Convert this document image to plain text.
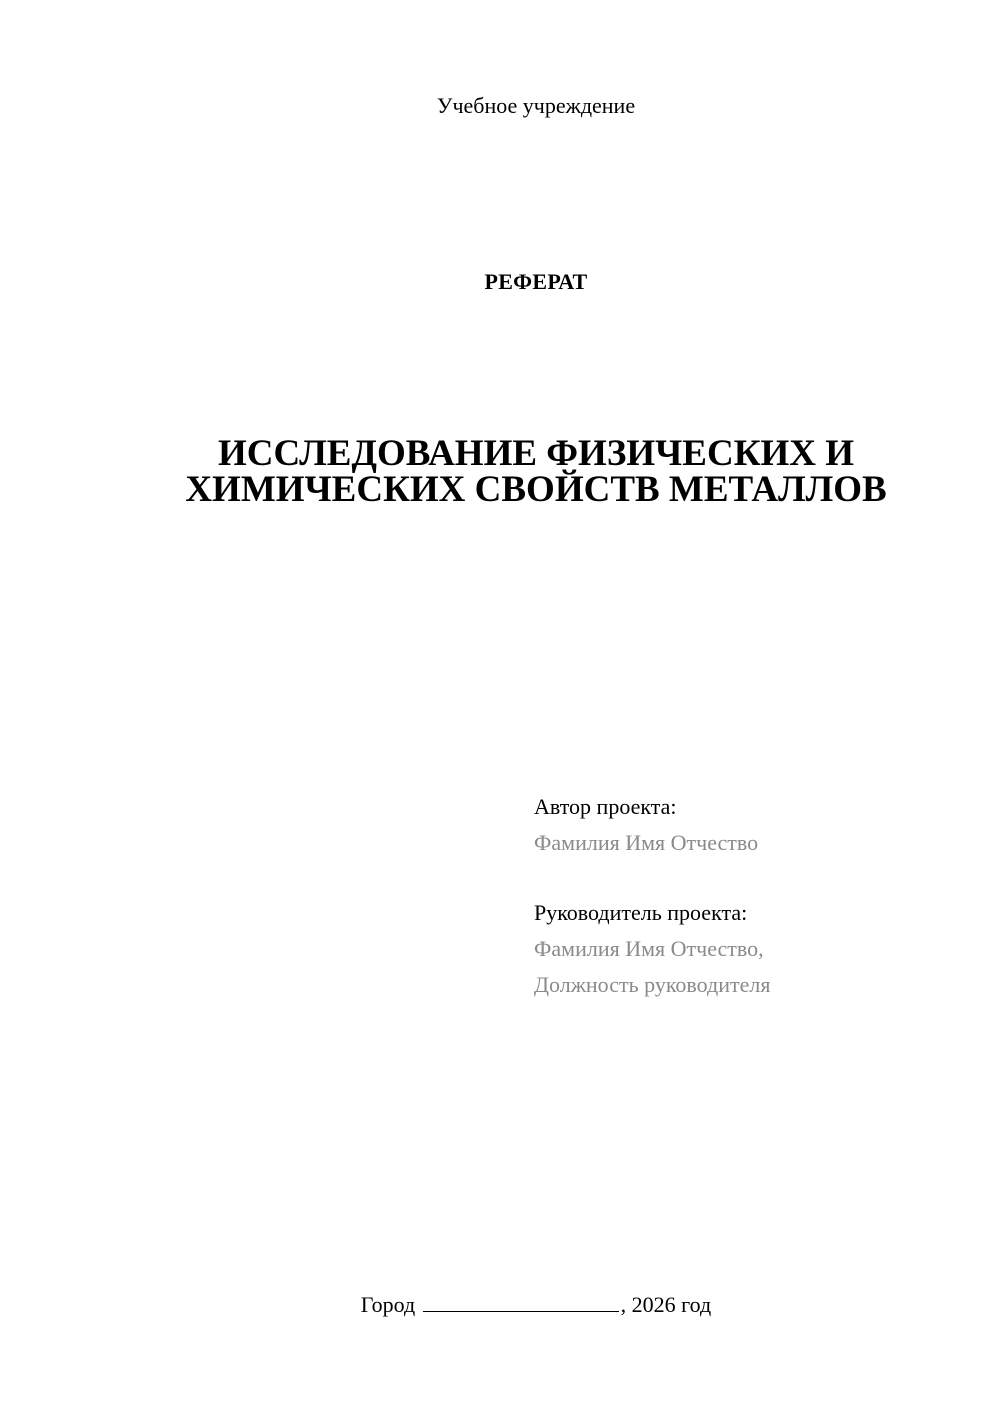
Учебное учреждение
РЕФЕРАТ
ИССЛЕДОВАНИЕ ФИЗИЧЕСКИХ И
ХИМИЧЕСКИХ СВОЙСТВ МЕТАЛЛОВ
Автор проекта:
Фамилия Имя Отчество
Руководитель проекта:
Фамилия Имя Отчество,
Должность руководителя
Город	, 2026 год
